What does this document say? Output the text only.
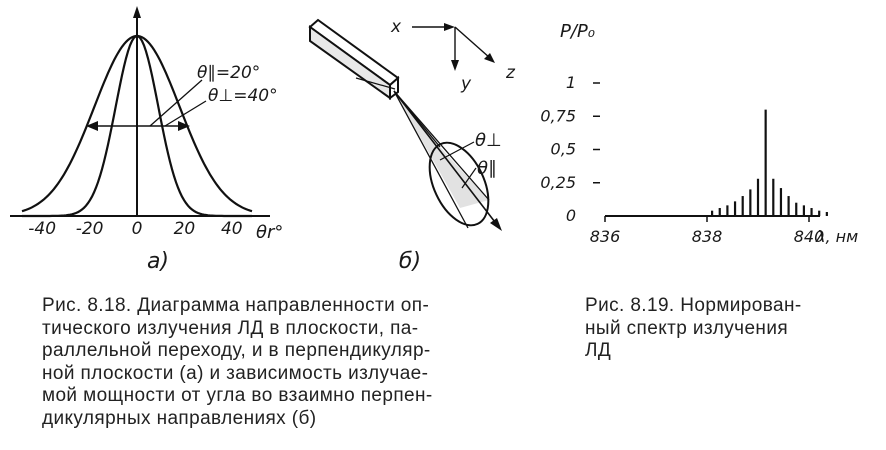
θ∥=20°
θ⊥=40°
-40 -20 0 20 40 θr°
а)
θ⊥
θ∥
x
y
z
б)
1
0,75
0,5
0,25
0
836	838	840
P/P₀
λ, нм
Рис. 8.18. Диаграмма направленности оп-
тического излучения ЛД в плоскости, па-
раллельной переходу, и в перпендикуляр-
ной плоскости (а) и зависимость излучае-
мой мощности от угла во взаимно перпен-
дикулярных направлениях (б)
Рис. 8.19. Нормирован-
ный спектр излучения
ЛД
